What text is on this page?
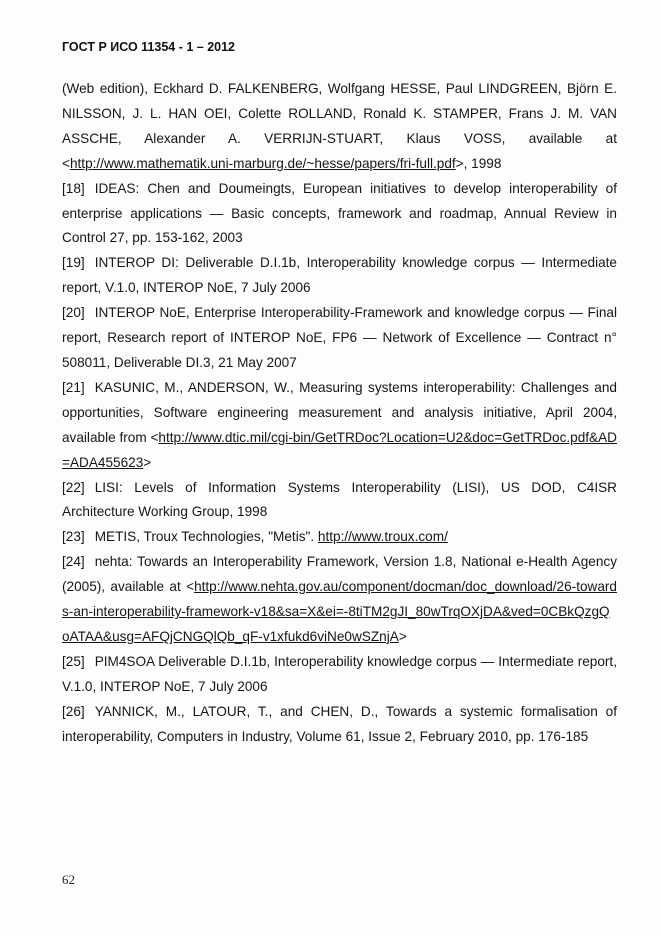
ГОСТ Р ИСО 11354 - 1 – 2012

(Web edition), Eckhard D. FALKENBERG, Wolfgang HESSE, Paul LINDGREEN, Björn E. NILSSON, J. L. HAN OEI, Colette ROLLAND, Ronald K. STAMPER, Frans J. M. VAN ASSCHE, Alexander A. VERRIJN-STUART, Klaus VOSS, available at <http://www.mathematik.uni-marburg.de/~hesse/papers/fri-full.pdf>, 1998

[18] IDEAS: Chen and Doumeingts, European initiatives to develop interoperability of enterprise applications — Basic concepts, framework and roadmap, Annual Review in Control 27, pp. 153-162, 2003

[19] INTEROP DI: Deliverable D.I.1b, Interoperability knowledge corpus — Intermediate report, V.1.0, INTEROP NoE, 7 July 2006

[20] INTEROP NoE, Enterprise Interoperability-Framework and knowledge corpus — Final report, Research report of INTEROP NoE, FP6 — Network of Excellence — Contract n° 508011, Deliverable DI.3, 21 May 2007

[21] KASUNIC, M., ANDERSON, W., Measuring systems interoperability: Challenges and opportunities, Software engineering measurement and analysis initiative, April 2004, available from <http://www.dtic.mil/cgi-bin/GetTRDoc?Location=U2&doc=GetTRDoc.pdf&AD=ADA455623>

[22] LISI: Levels of Information Systems Interoperability (LISI), US DOD, C4ISR Architecture Working Group, 1998

[23] METIS, Troux Technologies, "Metis". http://www.troux.com/

[24] nehta: Towards an Interoperability Framework, Version 1.8, National e-Health Agency (2005), available at <http://www.nehta.gov.au/component/docman/doc_download/26-towards-an-interoperability-framework-v18&sa=X&ei=-8tiTM2gJI_80wTrqOXjDA&ved=0CBkQzgQoATAA&usg=AFQjCNGQlQb_qF-v1xfukd6viNe0wSZnjA>

[25] PIM4SOA Deliverable D.I.1b, Interoperability knowledge corpus — Intermediate report, V.1.0, INTEROP NoE, 7 July 2006

[26] YANNICK, M., LATOUR, T., and CHEN, D., Towards a systemic formalisation of interoperability, Computers in Industry, Volume 61, Issue 2, February 2010, pp. 176-185

62
